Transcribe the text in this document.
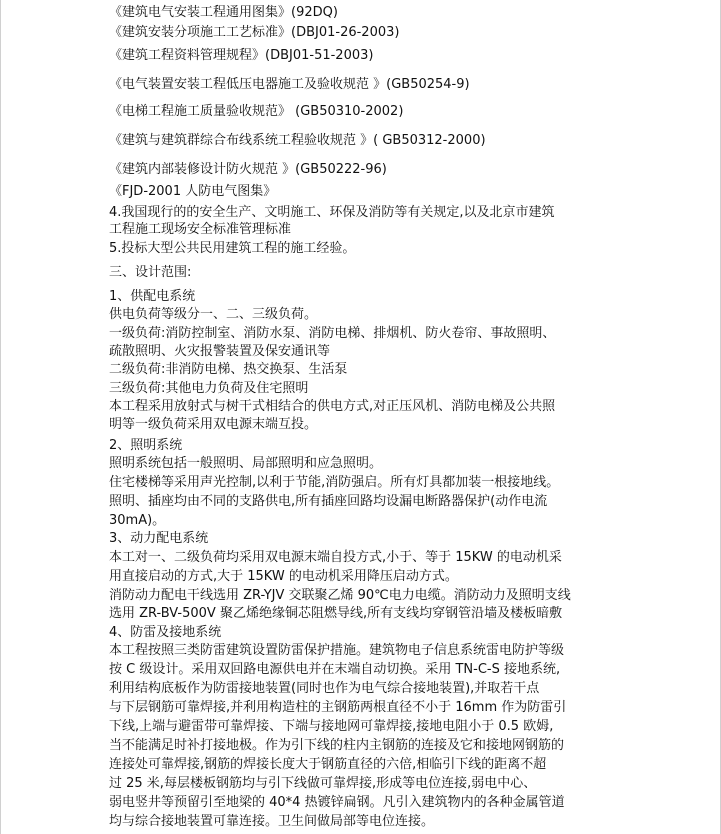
《建筑电气安装工程通用图集》(92DQ)
《建筑安装分项施工工艺标准》(DBJ01-26-2003)
《建筑工程资料管理规程》(DBJ01-51-2003)
《电气装置安装工程低压电器施工及验收规范 》(GB50254-9)
《电梯工程施工质量验收规范》 (GB50310-2002)
《建筑与建筑群综合布线系统工程验收规范 》( GB50312-2000)
《建筑内部装修设计防火规范 》(GB50222-96)
《FJD-2001 人防电气图集》
4.我国现行的的安全生产、文明施工、环保及消防等有关规定,以及北京市建筑
工程施工现场安全标准管理标准
5.投标大型公共民用建筑工程的施工经验。
三、设计范围:
1、供配电系统
供电负荷等级分一、二、三级负荷。
一级负荷:消防控制室、消防水泵、消防电梯、排烟机、防火卷帘、事故照明、
疏散照明、火灾报警装置及保安通讯等
二级负荷:非消防电梯、热交换泵、生活泵
三级负荷:其他电力负荷及住宅照明
本工程采用放射式与树干式相结合的供电方式,对正压风机、消防电梯及公共照
明等一级负荷采用双电源末端互投。
2、照明系统
照明系统包括一般照明、局部照明和应急照明。
住宅楼梯等采用声光控制,以利于节能,消防强启。所有灯具都加装一根接地线。
照明、插座均由不同的支路供电,所有插座回路均设漏电断路器保护(动作电流
30mA)。
3、动力配电系统
本工对一、二级负荷均采用双电源末端自投方式,小于、等于 15KW 的电动机采
用直接启动的方式,大于 15KW 的电动机采用降压启动方式。
消防动力配电干线选用 ZR-YJV 交联聚乙烯 90℃电力电缆。消防动力及照明支线
选用 ZR-BV-500V 聚乙烯绝缘铜芯阻燃导线,所有支线均穿钢管沿墙及楼板暗敷
4、防雷及接地系统
本工程按照三类防雷建筑设置防雷保护措施。建筑物电子信息系统雷电防护等级
按 C 级设计。采用双回路电源供电并在末端自动切换。采用 TN-C-S 接地系统,
利用结构底板作为防雷接地装置(同时也作为电气综合接地装置),并取若干点
与下层钢筋可靠焊接,并利用构造柱的主钢筋两根直径不小于 16mm 作为防雷引
下线,上端与避雷带可靠焊接、下端与接地网可靠焊接,接地电阻小于 0.5 欧姆,
当不能满足时补打接地极。作为引下线的柱内主钢筋的连接及它和接地网钢筋的
连接处可靠焊接,钢筋的焊接长度大于钢筋直径的六倍,相临引下线的距离不超
过 25 米,每层楼板钢筋均与引下线做可靠焊接,形成等电位连接,弱电中心、
弱电竖井等预留引至地梁的 40*4 热镀锌扁钢。凡引入建筑物内的各种金属管道
均与综合接地装置可靠连接。卫生间做局部等电位连接。
